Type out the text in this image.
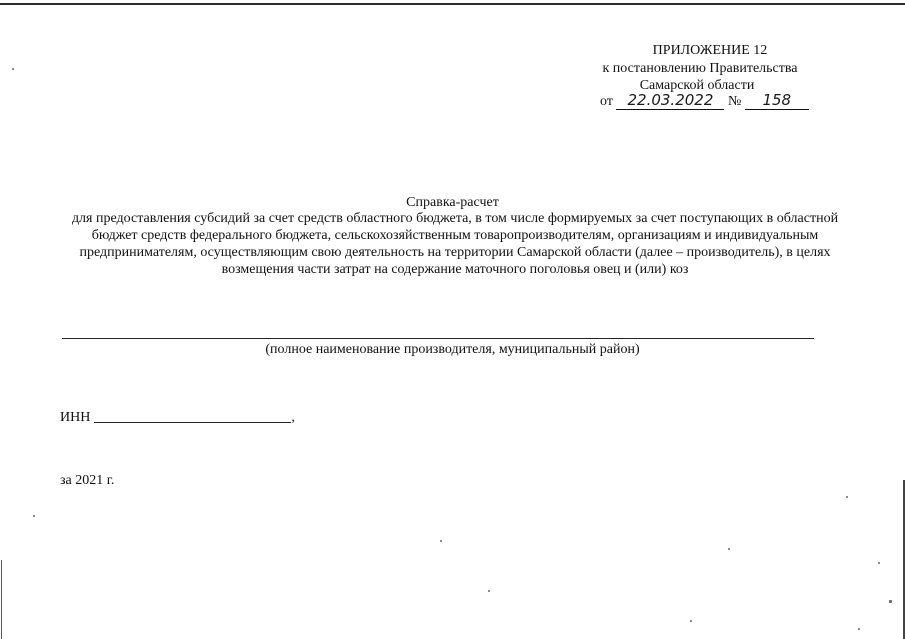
ПРИЛОЖЕНИЕ 12
к постановлению Правительства
Самарской области
от 22.03.2022 № 158
Справка-расчет
для предоставления субсидий за счет средств областного бюджета, в том числе формируемых за счет поступающих в областной бюджет средств федерального бюджета, сельскохозяйственным товаропроизводителям, организациям и индивидуальным предпринимателям, осуществляющим свою деятельность на территории Самарской области (далее – производитель), в целях возмещения части затрат на содержание маточного поголовья овец и (или) коз
(полное наименование производителя, муниципальный район)
ИНН	,
за 2021 г.
